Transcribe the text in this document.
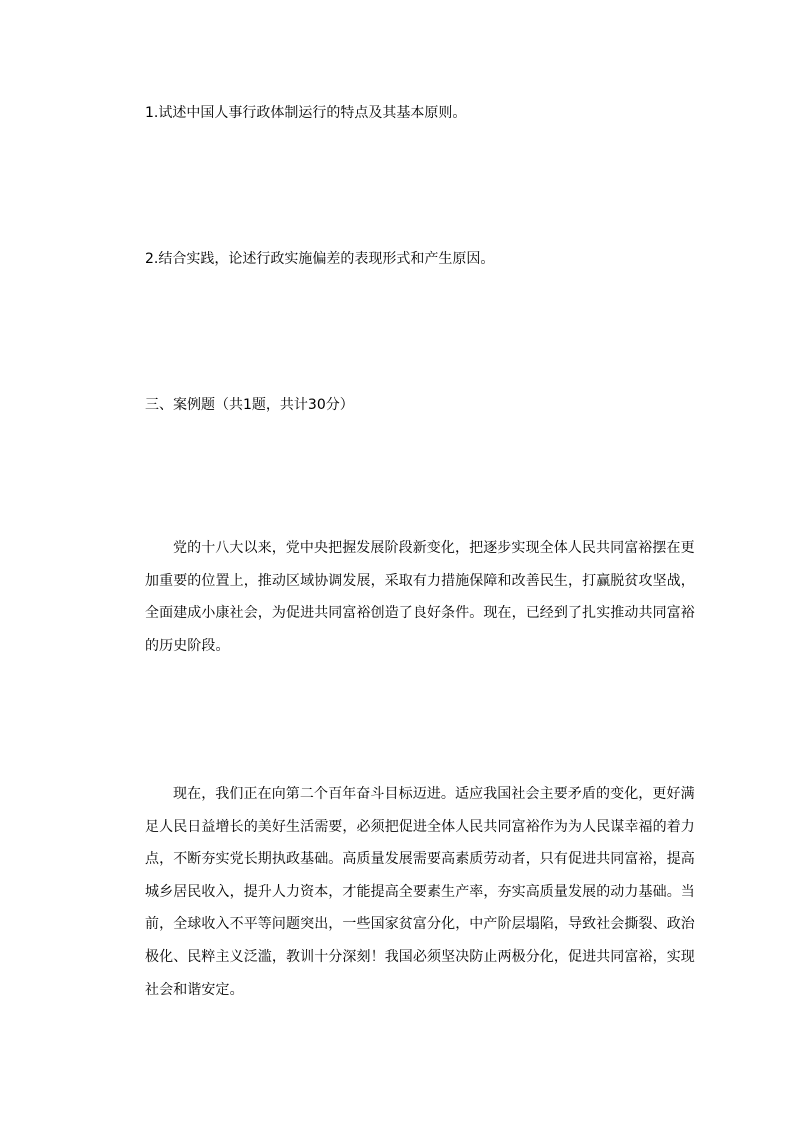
1.试述中国人事行政体制运行的特点及其基本原则。
2.结合实践，论述行政实施偏差的表现形式和产生原因。
三、案例题（共1题，共计30分）
党的十八大以来，党中央把握发展阶段新变化，把逐步实现全体人民共同富裕摆在更
加重要的位置上，推动区域协调发展，采取有力措施保障和改善民生，打赢脱贫攻坚战，
全面建成小康社会，为促进共同富裕创造了良好条件。现在，已经到了扎实推动共同富裕
的历史阶段。
现在，我们正在向第二个百年奋斗目标迈进。适应我国社会主要矛盾的变化，更好满
足人民日益增长的美好生活需要，必须把促进全体人民共同富裕作为为人民谋幸福的着力
点，不断夯实党长期执政基础。高质量发展需要高素质劳动者，只有促进共同富裕，提高
城乡居民收入，提升人力资本，才能提高全要素生产率，夯实高质量发展的动力基础。当
前，全球收入不平等问题突出，一些国家贫富分化，中产阶层塌陷，导致社会撕裂、政治
极化、民粹主义泛滥，教训十分深刻！我国必须坚决防止两极分化，促进共同富裕，实现
社会和谐安定。
